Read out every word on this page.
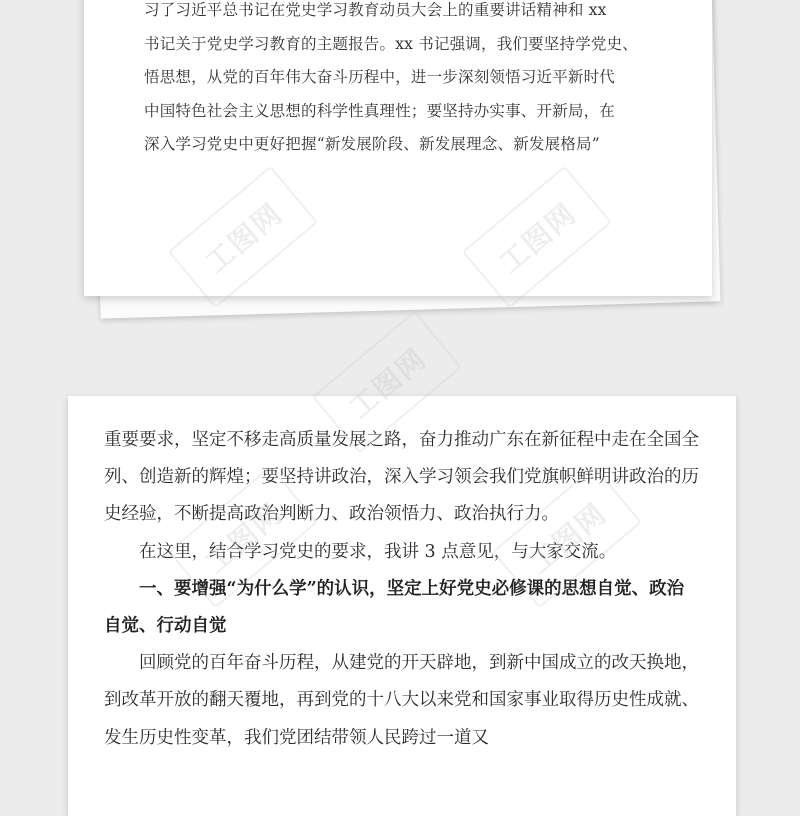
习了习近平总书记在党史学习教育动员大会上的重要讲话精神和 xx
书记关于党史学习教育的主题报告。xx 书记强调，我们要坚持学党史、
悟思想，从党的百年伟大奋斗历程中，进一步深刻领悟习近平新时代
中国特色社会主义思想的科学性真理性；要坚持办实事、开新局，在
深入学习党史中更好把握“新发展阶段、新发展理念、新发展格局”

重要要求，坚定不移走高质量发展之路，奋力推动广东在新征程中走在全国全列、创造新的辉煌；要坚持讲政治，深入学习领会我们党旗帜鲜明讲政治的历史经验，不断提高政治判断力、政治领悟力、政治执行力。

在这里，结合学习党史的要求，我讲 3 点意见，与大家交流。

一、要增强“为什么学”的认识，坚定上好党史必修课的思想自觉、政治自觉、行动自觉

回顾党的百年奋斗历程，从建党的开天辟地，到新中国成立的改天换地，到改革开放的翻天覆地，再到党的十八大以来党和国家事业取得历史性成就、发生历史性变革，我们党团结带领人民跨过一道又

工图网	工图网
工图网
工图网	工图网
